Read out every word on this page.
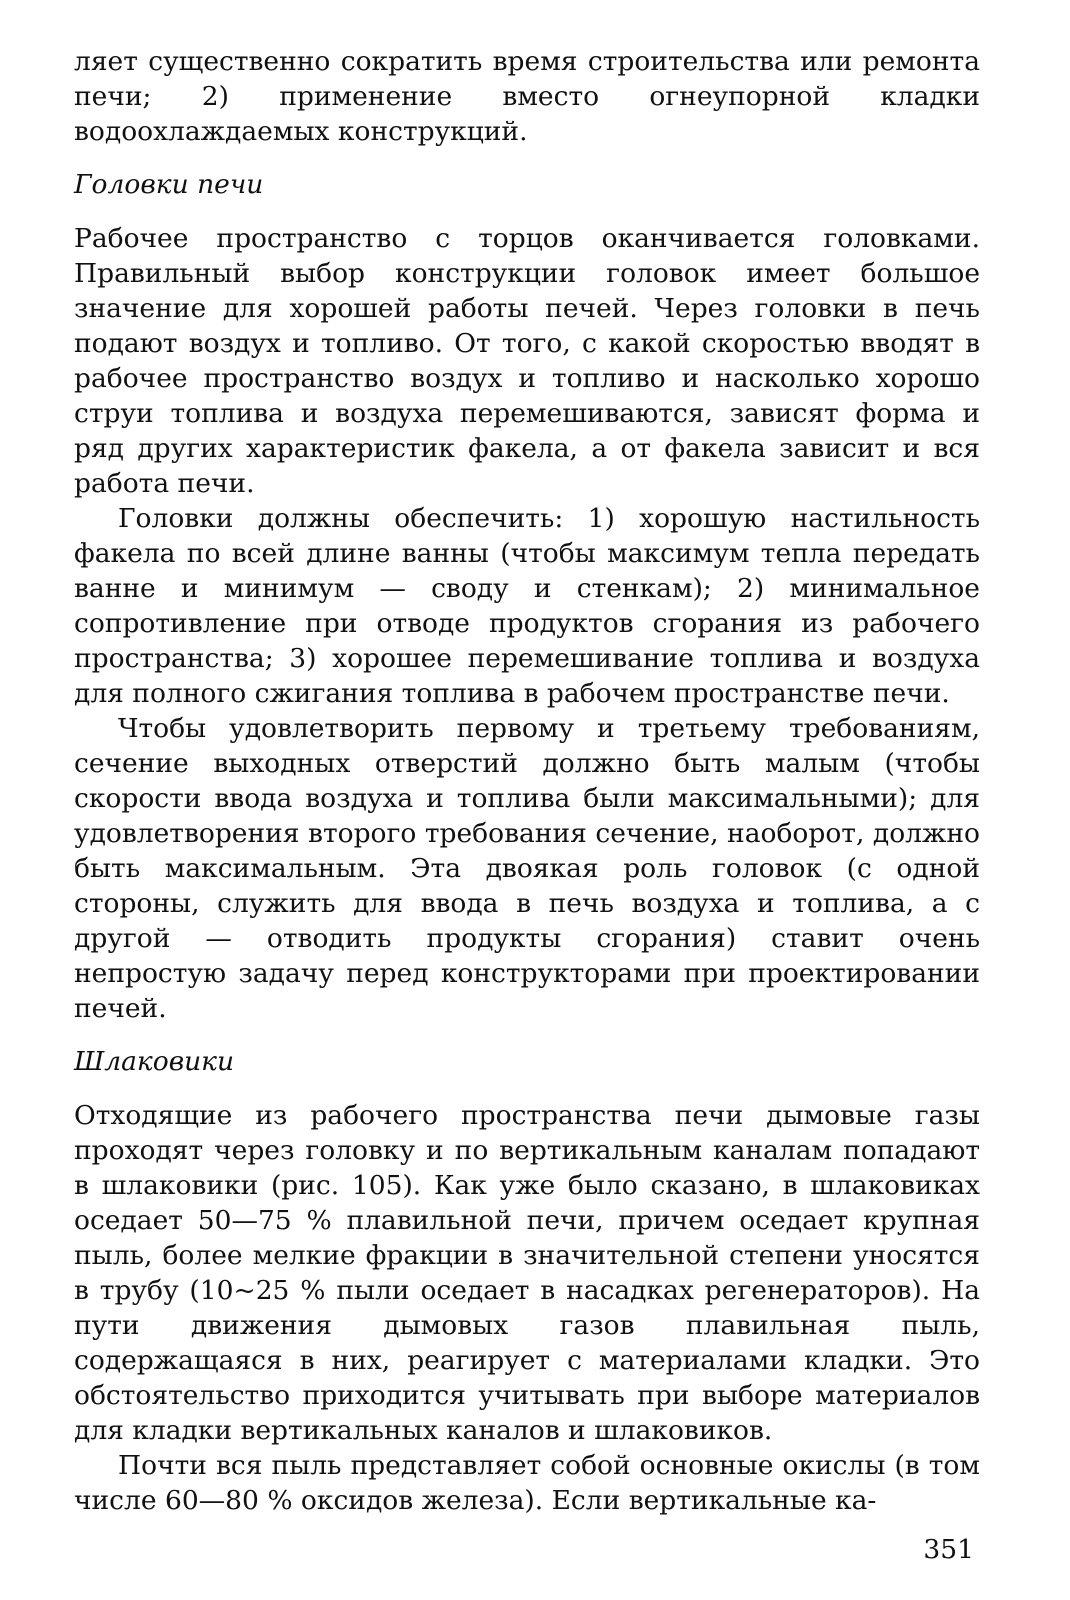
ляет существенно сократить время строительства или ремонта печи; 2) применение вместо огнеупорной кладки водоохлаждаемых конструкций.

Головки печи

Рабочее пространство с торцов оканчивается головками. Правильный выбор конструкции головок имеет большое значение для хорошей работы печей. Через головки в печь подают воздух и топливо. От того, с какой скоростью вводят в рабочее пространство воздух и топливо и насколько хорошо струи топлива и воздуха перемешиваются, зависят форма и ряд других характеристик факела, а от факела зависит и вся работа печи.

Головки должны обеспечить: 1) хорошую настильность факела по всей длине ванны (чтобы максимум тепла передать ванне и минимум — своду и стенкам); 2) минимальное сопротивление при отводе продуктов сгорания из рабочего пространства; 3) хорошее перемешивание топлива и воздуха для полного сжигания топлива в рабочем пространстве печи.

Чтобы удовлетворить первому и третьему требованиям, сечение выходных отверстий должно быть малым (чтобы скорости ввода воздуха и топлива были максимальными); для удовлетворения второго требования сечение, наоборот, должно быть максимальным. Эта двоякая роль головок (с одной стороны, служить для ввода в печь воздуха и топлива, а с другой — отводить продукты сгорания) ставит очень непростую задачу перед конструкторами при проектировании печей.

Шлаковики

Отходящие из рабочего пространства печи дымовые газы проходят через головку и по вертикальным каналам попадают в шлаковики (рис. 105). Как уже было сказано, в шлаковиках оседает 50—75 % плавильной печи, причем оседает крупная пыль, более мелкие фракции в значительной степени уносятся в трубу (10~25 % пыли оседает в насадках регенераторов). На пути движения дымовых газов плавильная пыль, содержащаяся в них, реагирует с материалами кладки. Это обстоятельство приходится учитывать при выборе материалов для кладки вертикальных каналов и шлаковиков.

Почти вся пыль представляет собой основные окислы (в том числе 60—80 % оксидов железа). Если вертикальные ка-

351
